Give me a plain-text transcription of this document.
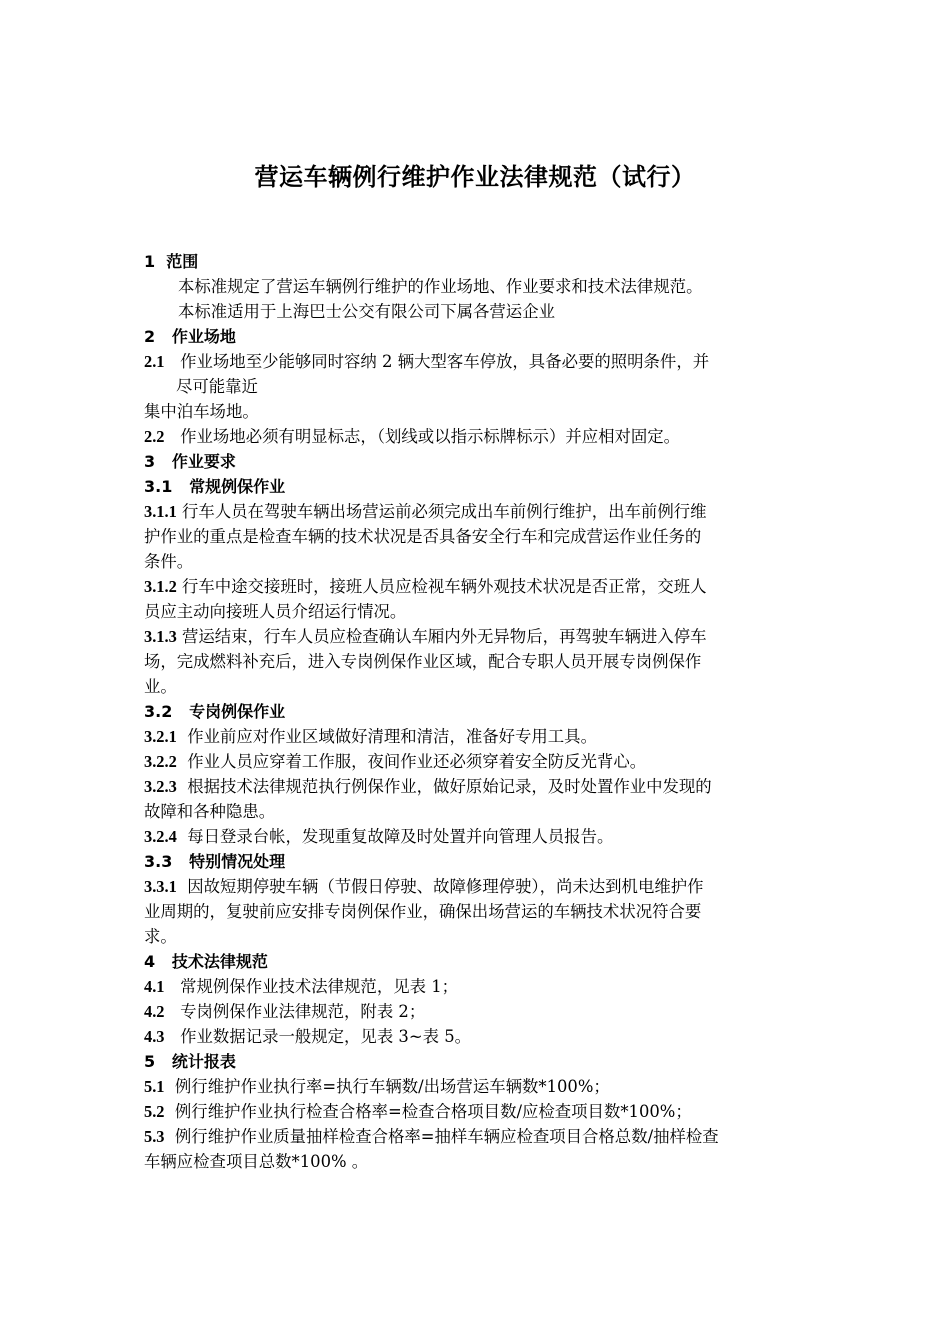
营运车辆例行维护作业法律规范（试行）
1 范围
本标准规定了营运车辆例行维护的作业场地、作业要求和技术法律规范。
本标准适用于上海巴士公交有限公司下属各营运企业
2 作业场地
2.1 作业场地至少能够同时容纳 2 辆大型客车停放，具备必要的照明条件，并
尽可能靠近
集中泊车场地。
2.2 作业场地必须有明显标志，（划线或以指示标牌标示）并应相对固定。
3 作业要求
3.1 常规例保作业
3.1.1 行车人员在驾驶车辆出场营运前必须完成出车前例行维护，出车前例行维
护作业的重点是检查车辆的技术状况是否具备安全行车和完成营运作业任务的
条件。
3.1.2 行车中途交接班时，接班人员应检视车辆外观技术状况是否正常，交班人
员应主动向接班人员介绍运行情况。
3.1.3 营运结束，行车人员应检查确认车厢内外无异物后，再驾驶车辆进入停车
场，完成燃料补充后，进入专岗例保作业区域，配合专职人员开展专岗例保作
业。
3.2 专岗例保作业
3.2.1 作业前应对作业区域做好清理和清洁，准备好专用工具。
3.2.2 作业人员应穿着工作服，夜间作业还必须穿着安全防反光背心。
3.2.3 根据技术法律规范执行例保作业，做好原始记录，及时处置作业中发现的
故障和各种隐患。
3.2.4 每日登录台帐，发现重复故障及时处置并向管理人员报告。
3.3 特别情况处理
3.3.1 因故短期停驶车辆（节假日停驶、故障修理停驶），尚未达到机电维护作
业周期的，复驶前应安排专岗例保作业，确保出场营运的车辆技术状况符合要
求。
4 技术法律规范
4.1 常规例保作业技术法律规范，见表 1；
4.2 专岗例保作业法律规范，附表 2；
4.3 作业数据记录一般规定，见表 3~表 5。
5 统计报表
5.1 例行维护作业执行率=执行车辆数/出场营运车辆数*100%；
5.2 例行维护作业执行检查合格率=检查合格项目数/应检查项目数*100%；
5.3 例行维护作业质量抽样检查合格率=抽样车辆应检查项目合格总数/抽样检查
车辆应检查项目总数*100% 。
